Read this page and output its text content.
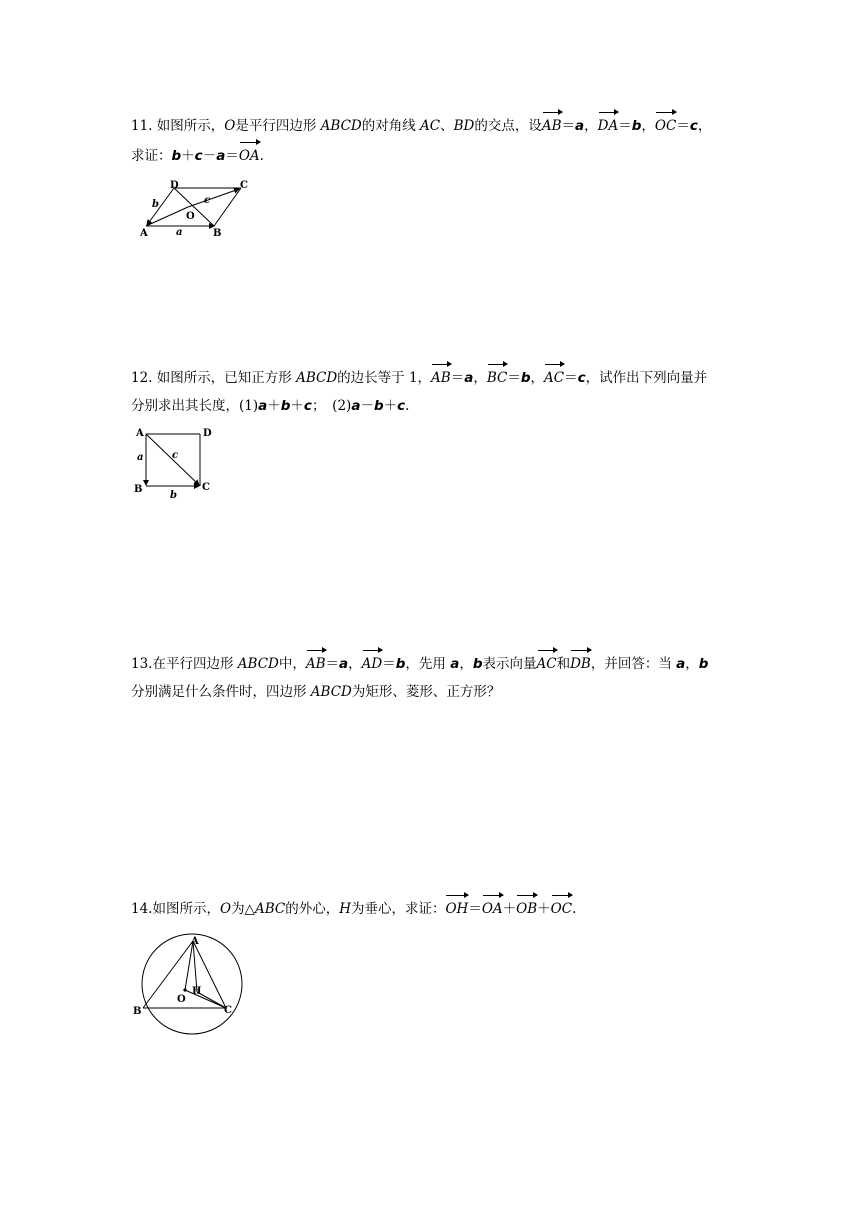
11. 如图所示，O是平行四边形 ABCD的对角线 AC、BD的交点，设AB＝a，DA＝b，OC＝c，
求证：b＋c－a＝OA.
D	C
A	B
O
a
b	c
12. 如图所示，已知正方形 ABCD的边长等于 1，AB＝a，BC＝b，AC＝c，试作出下列向量并
分别求出其长度，(1)a＋b＋c；　(2)a－b＋c.
A	D
B	C
a
b
c
13.在平行四边形 ABCD中，AB＝a，AD＝b，先用 a，b表示向量AC和DB，并回答：当 a，b
分别满足什么条件时，四边形 ABCD为矩形、菱形、正方形？
14.如图所示，O为△ABC的外心，H为垂心，求证：OH＝OA＋OB＋OC.
A
B	C
O
H
